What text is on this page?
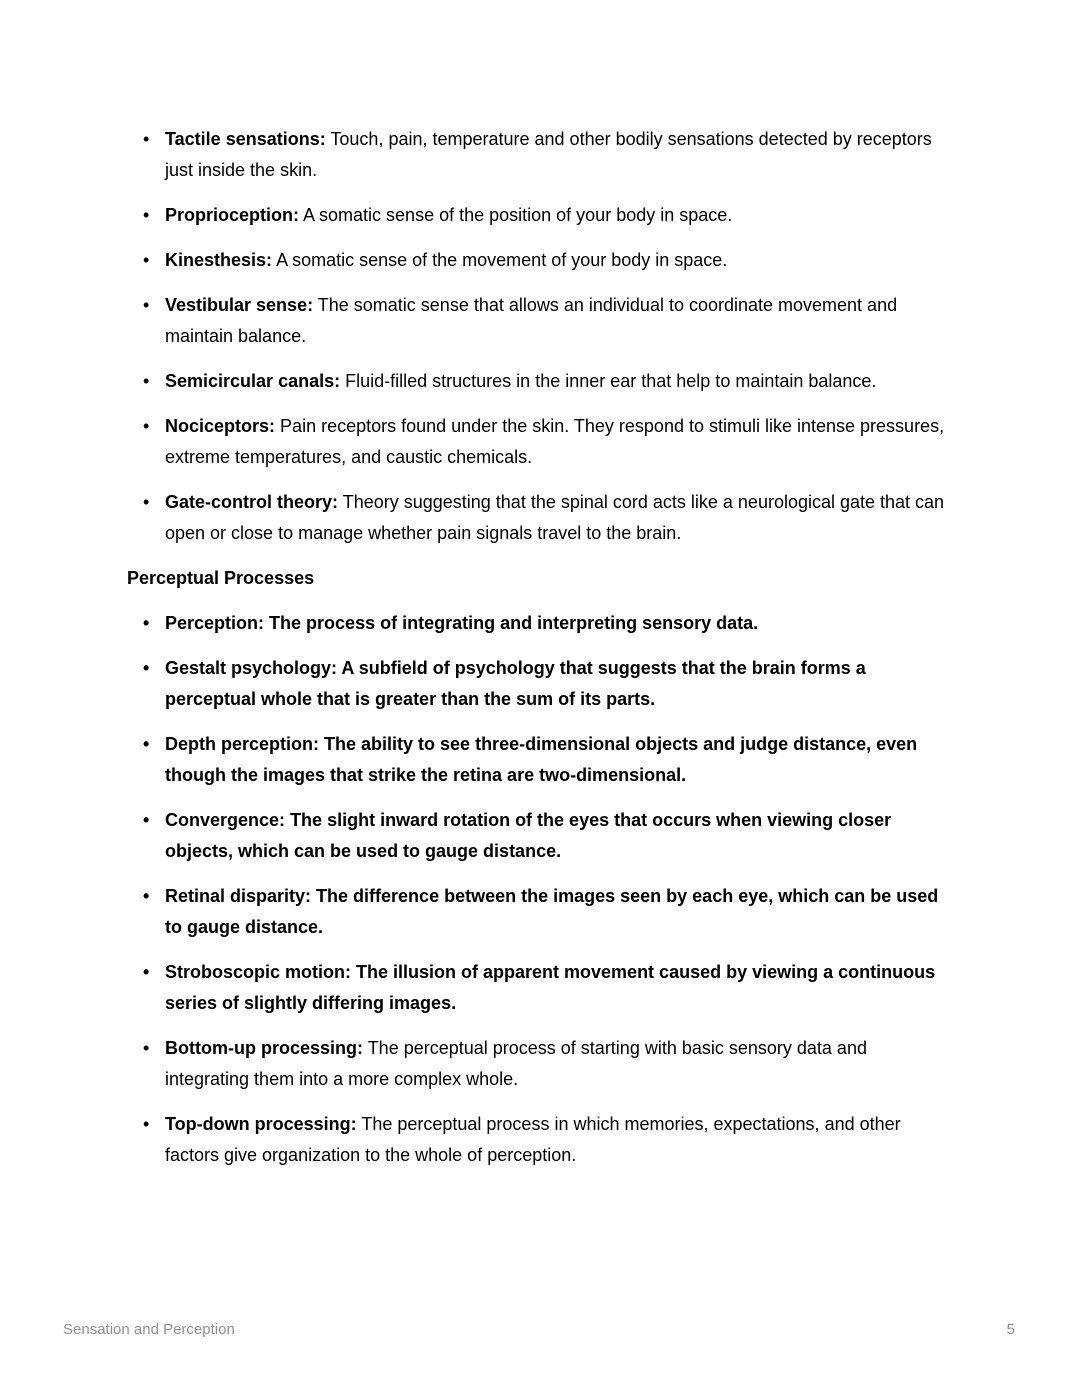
• Tactile sensations: Touch, pain, temperature and other bodily sensations detected by receptors just inside the skin.
• Proprioception: A somatic sense of the position of your body in space.
• Kinesthesis: A somatic sense of the movement of your body in space.
• Vestibular sense: The somatic sense that allows an individual to coordinate movement and maintain balance.
• Semicircular canals: Fluid-filled structures in the inner ear that help to maintain balance.
• Nociceptors: Pain receptors found under the skin. They respond to stimuli like intense pressures, extreme temperatures, and caustic chemicals.
• Gate-control theory: Theory suggesting that the spinal cord acts like a neurological gate that can open or close to manage whether pain signals travel to the brain.
Perceptual Processes
• Perception: The process of integrating and interpreting sensory data.
• Gestalt psychology: A subfield of psychology that suggests that the brain forms a perceptual whole that is greater than the sum of its parts.
• Depth perception: The ability to see three-dimensional objects and judge distance, even though the images that strike the retina are two-dimensional.
• Convergence: The slight inward rotation of the eyes that occurs when viewing closer objects, which can be used to gauge distance.
• Retinal disparity: The difference between the images seen by each eye, which can be used to gauge distance.
• Stroboscopic motion: The illusion of apparent movement caused by viewing a continuous series of slightly differing images.
• Bottom-up processing: The perceptual process of starting with basic sensory data and integrating them into a more complex whole.
• Top-down processing: The perceptual process in which memories, expectations, and other factors give organization to the whole of perception.
Sensation and Perception	5
